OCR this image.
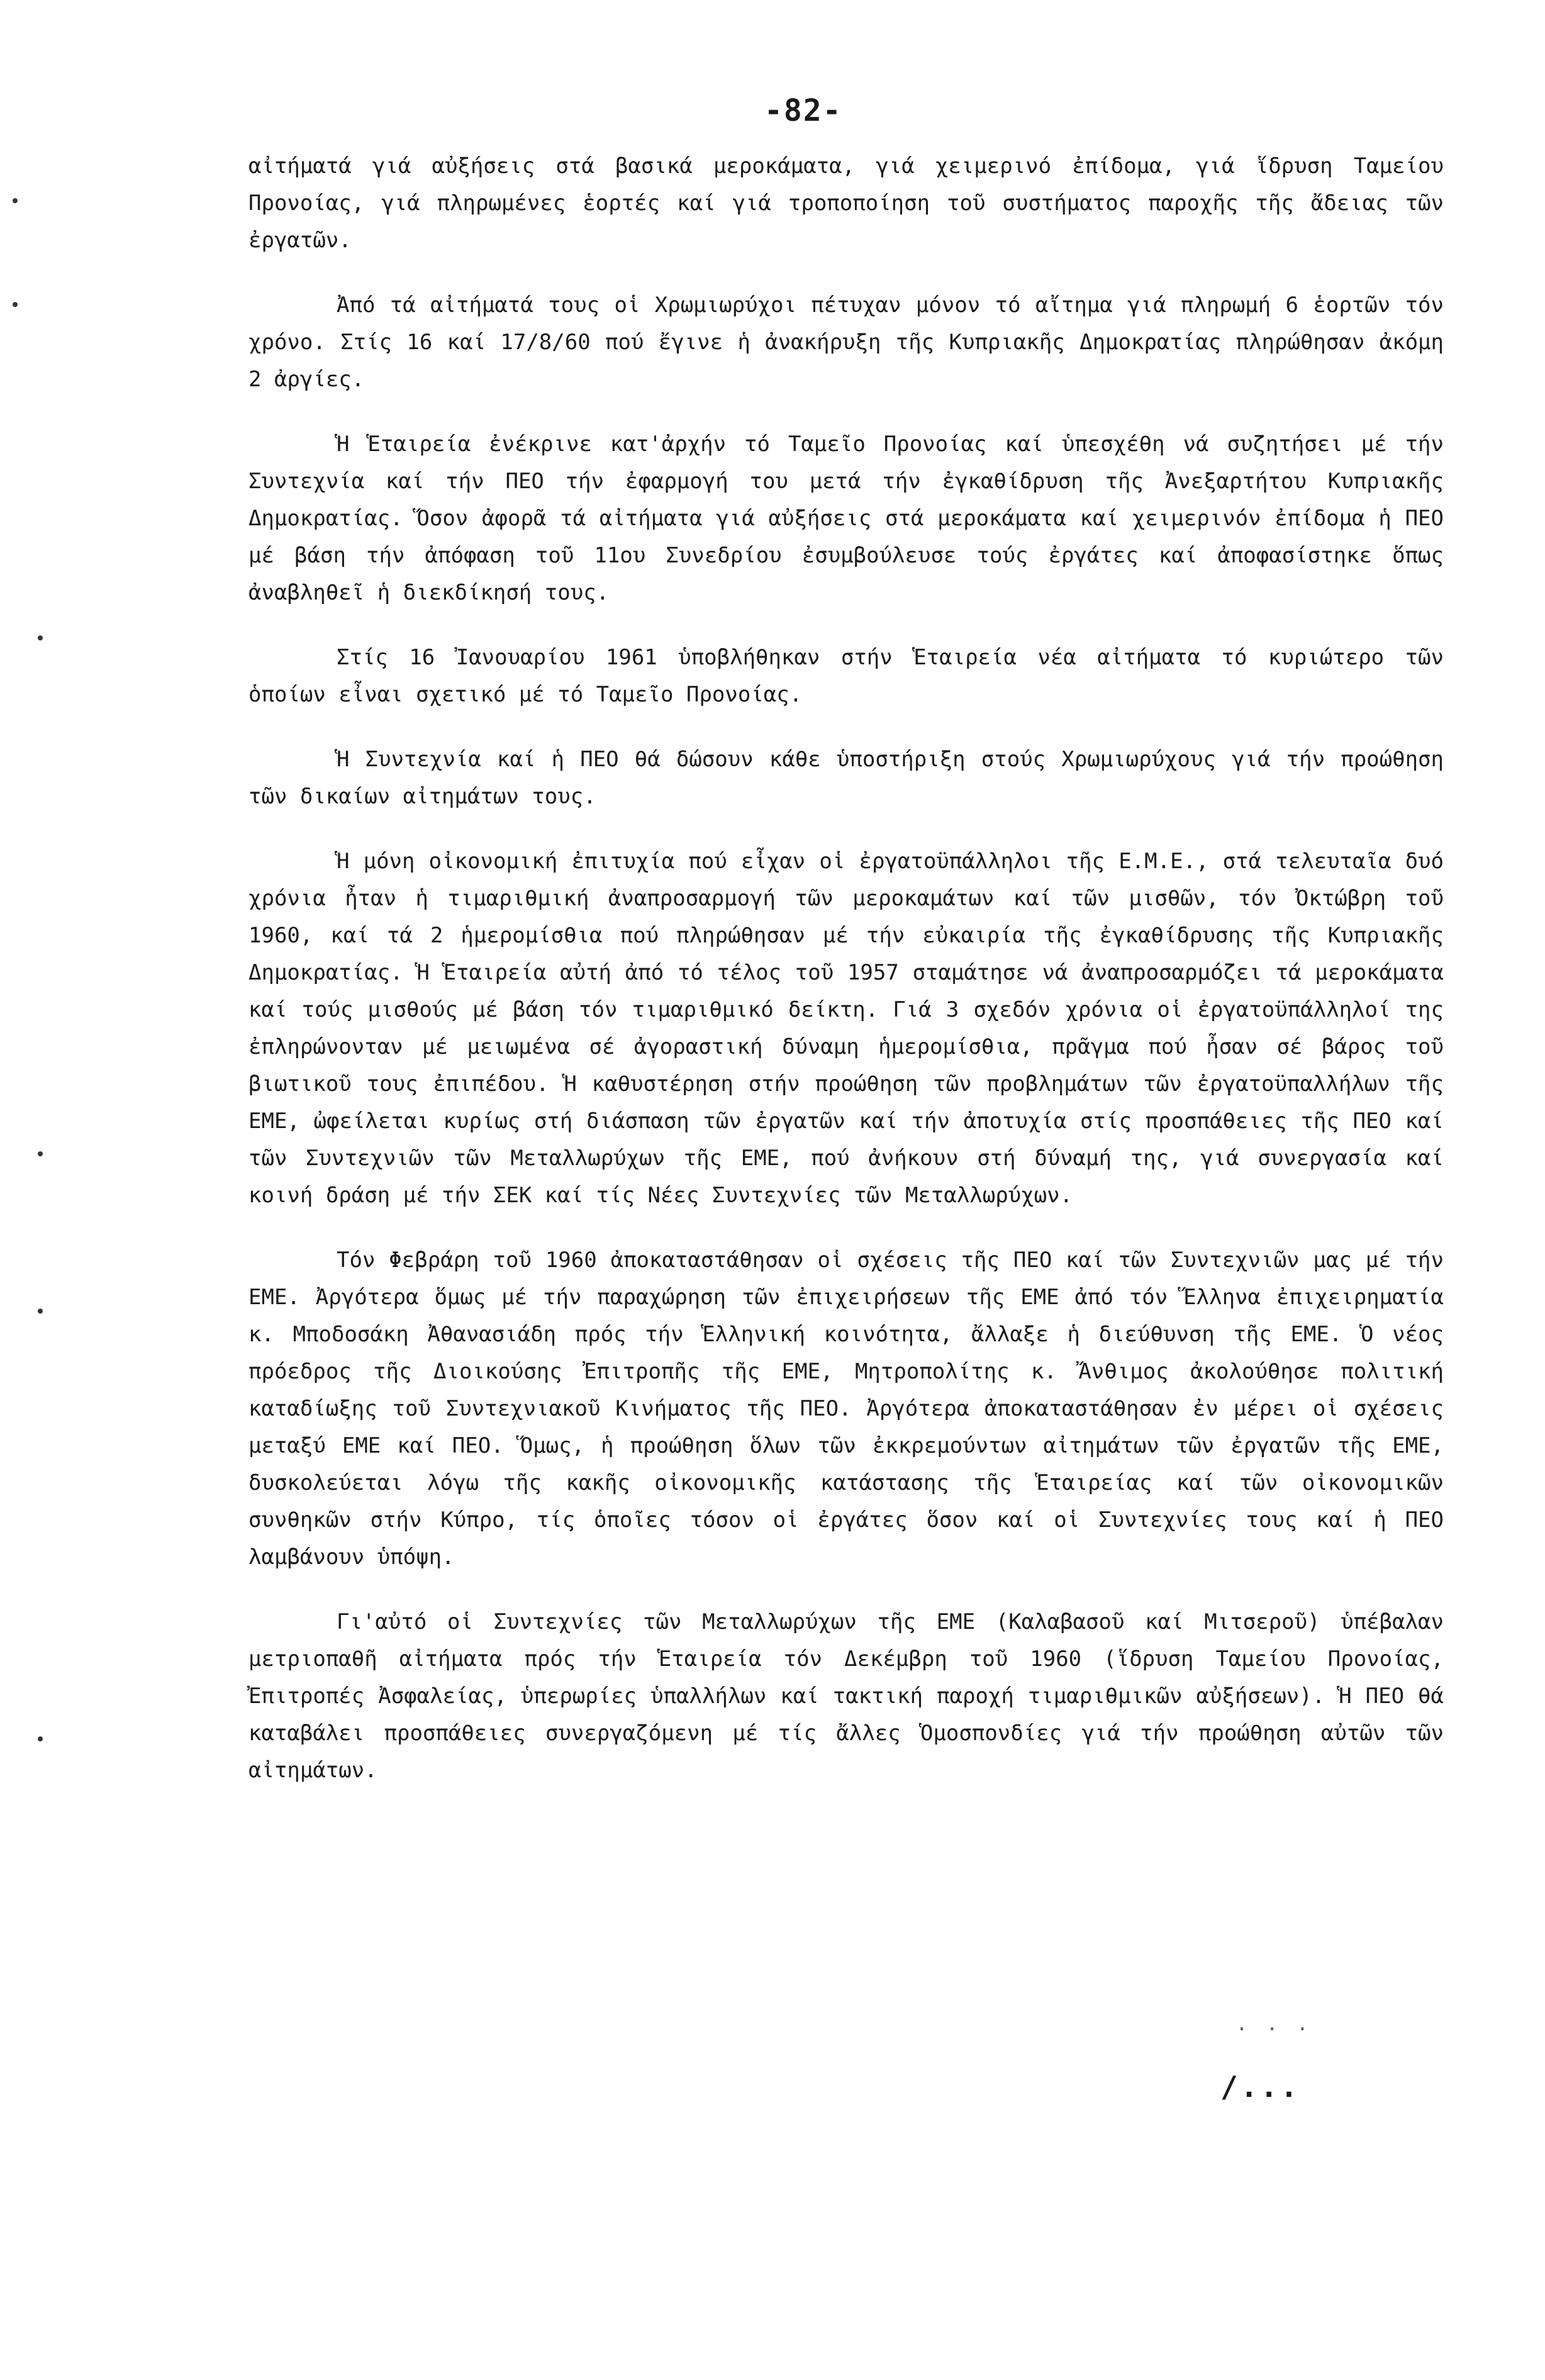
-82-

αἰτήματά γιά αὐξήσεις στά βασικά μεροκάματα, γιά χειμερινό ἐπίδομα, γιά ἵδρυση Ταμείου Προνοίας, γιά πληρωμένες ἑορτές καί γιά τροποποίηση τοῦ συστήματος παροχῆς τῆς ἄδειας τῶν ἐργατῶν.

Ἀπό τά αἰτήματά τους οἱ Χρωμιωρύχοι πέτυχαν μόνον τό αἴτημα γιά πληρωμή 6 ἑορτῶν τόν χρόνο. Στίς 16 καί 17/8/60 πού ἔγινε ἡ ἀνακήρυξη τῆς Κυπριακῆς Δημοκρατίας πληρώθησαν ἀκόμη 2 ἀργίες.

Ἡ Ἑταιρεία ἐνέκρινε κατ'ἀρχήν τό Ταμεῖο Προνοίας καί ὑπεσχέθη νά συζητήσει μέ τήν Συντεχνία καί τήν ΠΕΟ τήν ἐφαρμογή του μετά τήν ἐγκαθίδρυση τῆς Ἀνεξαρτήτου Κυπριακῆς Δημοκρατίας. Ὅσον ἀφορᾶ τά αἰτήματα γιά αὐξήσεις στά μεροκάματα καί χειμερινόν ἐπίδομα ἡ ΠΕΟ μέ βάση τήν ἀπόφαση τοῦ 11ου Συνεδρίου ἐσυμβούλευσε τούς ἐργάτες καί ἀποφασίστηκε ὅπως ἀναβληθεῖ ἡ διεκδίκησή τους.

Στίς 16 Ἰανουαρίου 1961 ὑποβλήθηκαν στήν Ἑταιρεία νέα αἰτήματα τό κυριώτερο τῶν ὁποίων εἶναι σχετικό μέ τό Ταμεῖο Προνοίας.

Ἡ Συντεχνία καί ἡ ΠΕΟ θά δώσουν κάθε ὑποστήριξη στούς Χρωμιωρύχους γιά τήν προώθηση τῶν δικαίων αἰτημάτων τους.

Ἡ μόνη οἰκονομική ἐπιτυχία πού εἶχαν οἱ ἐργατοϋπάλληλοι τῆς Ε.Μ.Ε., στά τελευταῖα δυό χρόνια ἦταν ἡ τιμαριθμική ἀναπροσαρμογή τῶν μεροκαμάτων καί τῶν μισθῶν, τόν Ὀκτώβρη τοῦ 1960, καί τά 2 ἡμερομίσθια πού πληρώθησαν μέ τήν εὐκαιρία τῆς ἐγκαθίδρυσης τῆς Κυπριακῆς Δημοκρατίας. Ἡ Ἑταιρεία αὐτή ἀπό τό τέλος τοῦ 1957 σταμάτησε νά ἀναπροσαρμόζει τά μεροκάματα καί τούς μισθούς μέ βάση τόν τιμαριθμικό δείκτη. Γιά 3 σχεδόν χρόνια οἱ ἐργατοϋπάλληλοί της ἐπληρώνονταν μέ μειωμένα σέ ἀγοραστική δύναμη ἡμερομίσθια, πρᾶγμα πού ἦσαν σέ βάρος τοῦ βιωτικοῦ τους ἐπιπέδου. Ἡ καθυστέρηση στήν προώθηση τῶν προβλημάτων τῶν ἐργατοϋπαλλήλων τῆς ΕΜΕ, ὠφείλεται κυρίως στή διάσπαση τῶν ἐργατῶν καί τήν ἀποτυχία στίς προσπάθειες τῆς ΠΕΟ καί τῶν Συντεχνιῶν τῶν Μεταλλωρύχων τῆς ΕΜΕ, πού ἀνήκουν στή δύναμή της, γιά συνεργασία καί κοινή δράση μέ τήν ΣΕΚ καί τίς Νέες Συντεχνίες τῶν Μεταλλωρύχων.

Τόν Φεβράρη τοῦ 1960 ἀποκαταστάθησαν οἱ σχέσεις τῆς ΠΕΟ καί τῶν Συντεχνιῶν μας μέ τήν ΕΜΕ. Ἀργότερα ὅμως μέ τήν παραχώρηση τῶν ἐπιχειρήσεων τῆς ΕΜΕ ἀπό τόν Ἕλληνα ἐπιχειρηματία κ. Μποδοσάκη Ἀθανασιάδη πρός τήν Ἑλληνική κοινότητα, ἄλλαξε ἡ διεύθυνση τῆς ΕΜΕ. Ὁ νέος πρόεδρος τῆς Διοικούσης Ἐπιτροπῆς τῆς ΕΜΕ, Μητροπολίτης κ. Ἄνθιμος ἀκολούθησε πολιτική καταδίωξης τοῦ Συντεχνιακοῦ Κινήματος τῆς ΠΕΟ. Ἀργότερα ἀποκαταστάθησαν ἐν μέρει οἱ σχέσεις μεταξύ ΕΜΕ καί ΠΕΟ. Ὅμως, ἡ προώθηση ὅλων τῶν ἐκκρεμούντων αἰτημάτων τῶν ἐργατῶν τῆς ΕΜΕ, δυσκολεύεται λόγω τῆς κακῆς οἰκονομικῆς κατάστασης τῆς Ἑταιρείας καί τῶν οἰκονομικῶν συνθηκῶν στήν Κύπρο, τίς ὁποῖες τόσον οἱ ἐργάτες ὅσον καί οἱ Συντεχνίες τους καί ἡ ΠΕΟ λαμβάνουν ὑπόψη.

Γι'αὐτό οἱ Συντεχνίες τῶν Μεταλλωρύχων τῆς ΕΜΕ (Καλαβασοῦ καί Μιτσεροῦ) ὑπέβαλαν μετριοπαθῆ αἰτήματα πρός τήν Ἑταιρεία τόν Δεκέμβρη τοῦ 1960 (ἵδρυση Ταμείου Προνοίας, Ἐπιτροπές Ἀσφαλείας, ὑπερωρίες ὑπαλλήλων καί τακτική παροχή τιμαριθμικῶν αὐξήσεων). Ἡ ΠΕΟ θά καταβάλει προσπάθειες συνεργαζόμενη μέ τίς ἄλλες Ὁμοσπονδίες γιά τήν προώθηση αὐτῶν τῶν αἰτημάτων.

. . .
/...
